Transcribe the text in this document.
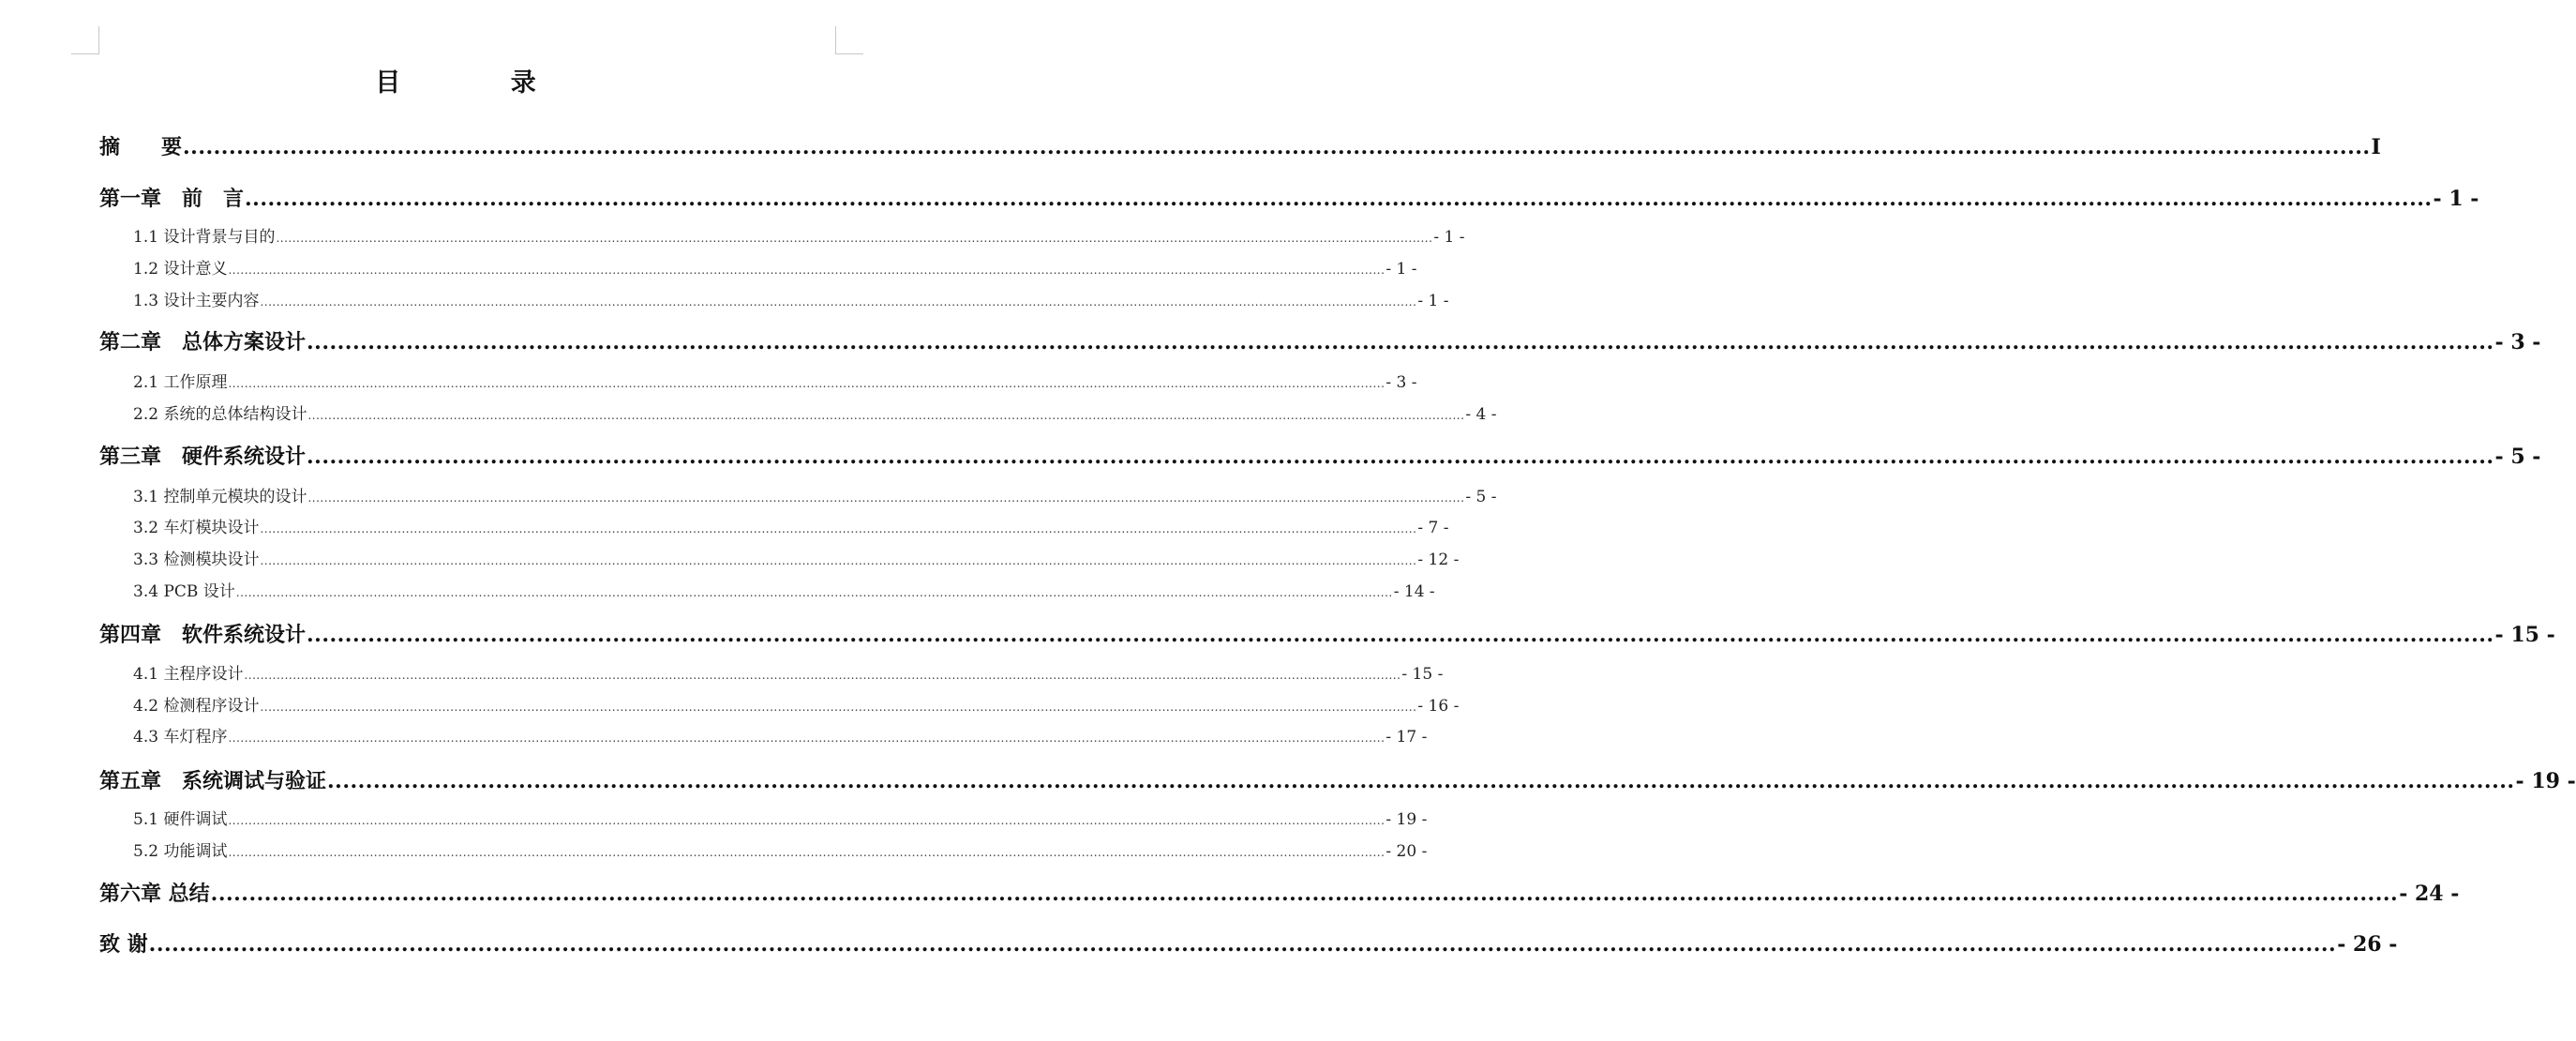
目 录
摘　　要 .............................................................................................................................................................................................................................................................................................. I
第一章　前　言 .............................................................................................................................................................................................................................................................................................. - 1 -
1.1 设计背景与目的 .............................................................................................................................................................................................................................................................................................. - 1 -
1.2 设计意义 .............................................................................................................................................................................................................................................................................................. - 1 -
1.3 设计主要内容 .............................................................................................................................................................................................................................................................................................. - 1 -
第二章　总体方案设计 .............................................................................................................................................................................................................................................................................................. - 3 -
2.1 工作原理 .............................................................................................................................................................................................................................................................................................. - 3 -
2.2 系统的总体结构设计 .............................................................................................................................................................................................................................................................................................. - 4 -
第三章　硬件系统设计 .............................................................................................................................................................................................................................................................................................. - 5 -
3.1 控制单元模块的设计 .............................................................................................................................................................................................................................................................................................. - 5 -
3.2 车灯模块设计 .............................................................................................................................................................................................................................................................................................. - 7 -
3.3 检测模块设计 .............................................................................................................................................................................................................................................................................................. - 12 -
3.4 PCB 设计 .............................................................................................................................................................................................................................................................................................. - 14 -
第四章　软件系统设计 .............................................................................................................................................................................................................................................................................................. - 15 -
4.1 主程序设计 .............................................................................................................................................................................................................................................................................................. - 15 -
4.2 检测程序设计 .............................................................................................................................................................................................................................................................................................. - 16 -
4.3 车灯程序 .............................................................................................................................................................................................................................................................................................. - 17 -
第五章　系统调试与验证 .............................................................................................................................................................................................................................................................................................. - 19 -
5.1 硬件调试 .............................................................................................................................................................................................................................................................................................. - 19 -
5.2 功能调试 .............................................................................................................................................................................................................................................................................................. - 20 -
第六章 总结 .............................................................................................................................................................................................................................................................................................. - 24 -
致 谢 .............................................................................................................................................................................................................................................................................................. - 26 -
